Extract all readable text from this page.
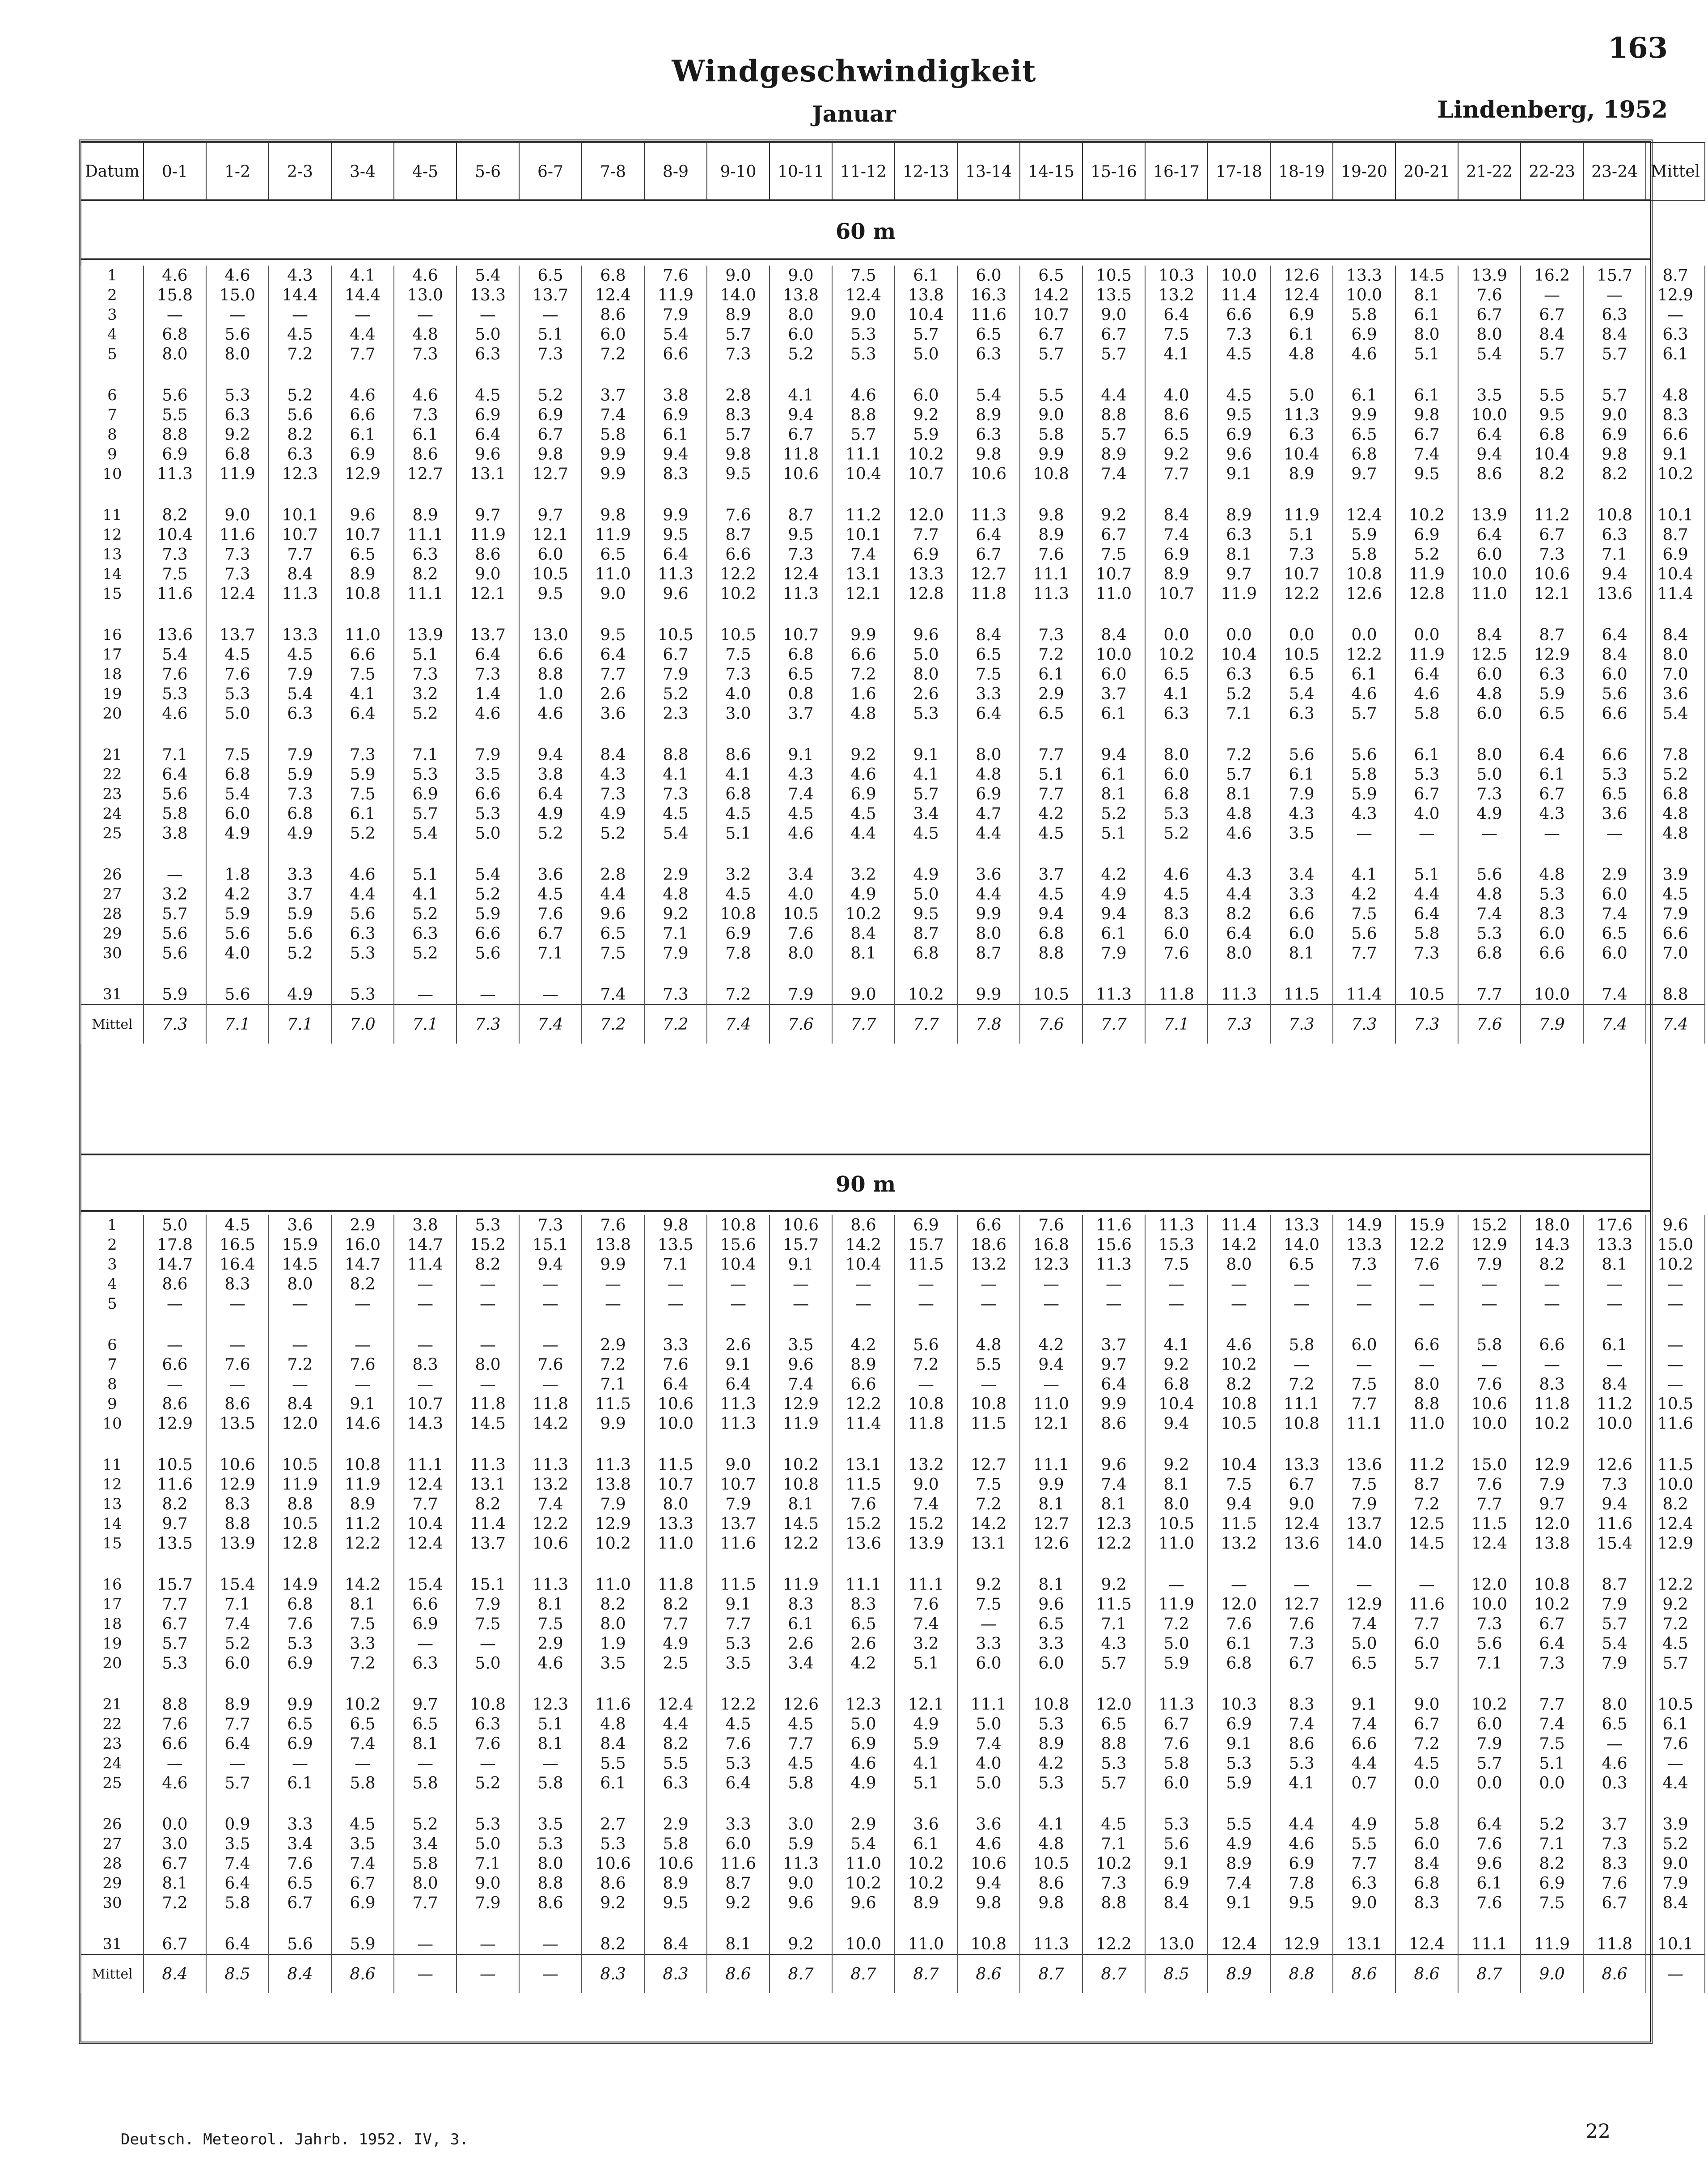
163
Windgeschwindigkeit
Januar	Lindenberg, 1952
Datum	0-1	1-2	2-3	3-4	4-5	5-6	6-7	7-8	8-9	9-10	10-11	11-12	12-13	13-14	14-15	15-16	16-17	17-18	18-19	19-20	20-21	21-22	22-23	23-24	Mittel
60 m
1	4.6	4.6	4.3	4.1	4.6	5.4	6.5	6.8	7.6	9.0	9.0	7.5	6.1	6.0	6.5	10.5	10.3	10.0	12.6	13.3	14.5	13.9	16.2	15.7	8.7
2	15.8	15.0	14.4	14.4	13.0	13.3	13.7	12.4	11.9	14.0	13.8	12.4	13.8	16.3	14.2	13.5	13.2	11.4	12.4	10.0	8.1	7.6	—	—	12.9
3	—	—	—	—	—	—	—	8.6	7.9	8.9	8.0	9.0	10.4	11.6	10.7	9.0	6.4	6.6	6.9	5.8	6.1	6.7	6.7	6.3	—
4	6.8	5.6	4.5	4.4	4.8	5.0	5.1	6.0	5.4	5.7	6.0	5.3	5.7	6.5	6.7	6.7	7.5	7.3	6.1	6.9	8.0	8.0	8.4	8.4	6.3
5	8.0	8.0	7.2	7.7	7.3	6.3	7.3	7.2	6.6	7.3	5.2	5.3	5.0	6.3	5.7	5.7	4.1	4.5	4.8	4.6	5.1	5.4	5.7	5.7	6.1

6	5.6	5.3	5.2	4.6	4.6	4.5	5.2	3.7	3.8	2.8	4.1	4.6	6.0	5.4	5.5	4.4	4.0	4.5	5.0	6.1	6.1	3.5	5.5	5.7	4.8
7	5.5	6.3	5.6	6.6	7.3	6.9	6.9	7.4	6.9	8.3	9.4	8.8	9.2	8.9	9.0	8.8	8.6	9.5	11.3	9.9	9.8	10.0	9.5	9.0	8.3
8	8.8	9.2	8.2	6.1	6.1	6.4	6.7	5.8	6.1	5.7	6.7	5.7	5.9	6.3	5.8	5.7	6.5	6.9	6.3	6.5	6.7	6.4	6.8	6.9	6.6
9	6.9	6.8	6.3	6.9	8.6	9.6	9.8	9.9	9.4	9.8	11.8	11.1	10.2	9.8	9.9	8.9	9.2	9.6	10.4	6.8	7.4	9.4	10.4	9.8	9.1
10	11.3	11.9	12.3	12.9	12.7	13.1	12.7	9.9	8.3	9.5	10.6	10.4	10.7	10.6	10.8	7.4	7.7	9.1	8.9	9.7	9.5	8.6	8.2	8.2	10.2

11	8.2	9.0	10.1	9.6	8.9	9.7	9.7	9.8	9.9	7.6	8.7	11.2	12.0	11.3	9.8	9.2	8.4	8.9	11.9	12.4	10.2	13.9	11.2	10.8	10.1
12	10.4	11.6	10.7	10.7	11.1	11.9	12.1	11.9	9.5	8.7	9.5	10.1	7.7	6.4	8.9	6.7	7.4	6.3	5.1	5.9	6.9	6.4	6.7	6.3	8.7
13	7.3	7.3	7.7	6.5	6.3	8.6	6.0	6.5	6.4	6.6	7.3	7.4	6.9	6.7	7.6	7.5	6.9	8.1	7.3	5.8	5.2	6.0	7.3	7.1	6.9
14	7.5	7.3	8.4	8.9	8.2	9.0	10.5	11.0	11.3	12.2	12.4	13.1	13.3	12.7	11.1	10.7	8.9	9.7	10.7	10.8	11.9	10.0	10.6	9.4	10.4
15	11.6	12.4	11.3	10.8	11.1	12.1	9.5	9.0	9.6	10.2	11.3	12.1	12.8	11.8	11.3	11.0	10.7	11.9	12.2	12.6	12.8	11.0	12.1	13.6	11.4

16	13.6	13.7	13.3	11.0	13.9	13.7	13.0	9.5	10.5	10.5	10.7	9.9	9.6	8.4	7.3	8.4	0.0	0.0	0.0	0.0	0.0	8.4	8.7	6.4	8.4
17	5.4	4.5	4.5	6.6	5.1	6.4	6.6	6.4	6.7	7.5	6.8	6.6	5.0	6.5	7.2	10.0	10.2	10.4	10.5	12.2	11.9	12.5	12.9	8.4	8.0
18	7.6	7.6	7.9	7.5	7.3	7.3	8.8	7.7	7.9	7.3	6.5	7.2	8.0	7.5	6.1	6.0	6.5	6.3	6.5	6.1	6.4	6.0	6.3	6.0	7.0
19	5.3	5.3	5.4	4.1	3.2	1.4	1.0	2.6	5.2	4.0	0.8	1.6	2.6	3.3	2.9	3.7	4.1	5.2	5.4	4.6	4.6	4.8	5.9	5.6	3.6
20	4.6	5.0	6.3	6.4	5.2	4.6	4.6	3.6	2.3	3.0	3.7	4.8	5.3	6.4	6.5	6.1	6.3	7.1	6.3	5.7	5.8	6.0	6.5	6.6	5.4

21	7.1	7.5	7.9	7.3	7.1	7.9	9.4	8.4	8.8	8.6	9.1	9.2	9.1	8.0	7.7	9.4	8.0	7.2	5.6	5.6	6.1	8.0	6.4	6.6	7.8
22	6.4	6.8	5.9	5.9	5.3	3.5	3.8	4.3	4.1	4.1	4.3	4.6	4.1	4.8	5.1	6.1	6.0	5.7	6.1	5.8	5.3	5.0	6.1	5.3	5.2
23	5.6	5.4	7.3	7.5	6.9	6.6	6.4	7.3	7.3	6.8	7.4	6.9	5.7	6.9	7.7	8.1	6.8	8.1	7.9	5.9	6.7	7.3	6.7	6.5	6.8
24	5.8	6.0	6.8	6.1	5.7	5.3	4.9	4.9	4.5	4.5	4.5	4.5	3.4	4.7	4.2	5.2	5.3	4.8	4.3	4.3	4.0	4.9	4.3	3.6	4.8
25	3.8	4.9	4.9	5.2	5.4	5.0	5.2	5.2	5.4	5.1	4.6	4.4	4.5	4.4	4.5	5.1	5.2	4.6	3.5	—	—	—	—	—	4.8

26	—	1.8	3.3	4.6	5.1	5.4	3.6	2.8	2.9	3.2	3.4	3.2	4.9	3.6	3.7	4.2	4.6	4.3	3.4	4.1	5.1	5.6	4.8	2.9	3.9
27	3.2	4.2	3.7	4.4	4.1	5.2	4.5	4.4	4.8	4.5	4.0	4.9	5.0	4.4	4.5	4.9	4.5	4.4	3.3	4.2	4.4	4.8	5.3	6.0	4.5
28	5.7	5.9	5.9	5.6	5.2	5.9	7.6	9.6	9.2	10.8	10.5	10.2	9.5	9.9	9.4	9.4	8.3	8.2	6.6	7.5	6.4	7.4	8.3	7.4	7.9
29	5.6	5.6	5.6	6.3	6.3	6.6	6.7	6.5	7.1	6.9	7.6	8.4	8.7	8.0	6.8	6.1	6.0	6.4	6.0	5.6	5.8	5.3	6.0	6.5	6.6
30	5.6	4.0	5.2	5.3	5.2	5.6	7.1	7.5	7.9	7.8	8.0	8.1	6.8	8.7	8.8	7.9	7.6	8.0	8.1	7.7	7.3	6.8	6.6	6.0	7.0

31	5.9	5.6	4.9	5.3	—	—	—	7.4	7.3	7.2	7.9	9.0	10.2	9.9	10.5	11.3	11.8	11.3	11.5	11.4	10.5	7.7	10.0	7.4	8.8
Mittel	7.3	7.1	7.1	7.0	7.1	7.3	7.4	7.2	7.2	7.4	7.6	7.7	7.7	7.8	7.6	7.7	7.1	7.3	7.3	7.3	7.3	7.6	7.9	7.4	7.4
90 m
1	5.0	4.5	3.6	2.9	3.8	5.3	7.3	7.6	9.8	10.8	10.6	8.6	6.9	6.6	7.6	11.6	11.3	11.4	13.3	14.9	15.9	15.2	18.0	17.6	9.6
2	17.8	16.5	15.9	16.0	14.7	15.2	15.1	13.8	13.5	15.6	15.7	14.2	15.7	18.6	16.8	15.6	15.3	14.2	14.0	13.3	12.2	12.9	14.3	13.3	15.0
3	14.7	16.4	14.5	14.7	11.4	8.2	9.4	9.9	7.1	10.4	9.1	10.4	11.5	13.2	12.3	11.3	7.5	8.0	6.5	7.3	7.6	7.9	8.2	8.1	10.2
4	8.6	8.3	8.0	8.2	—	—	—	—	—	—	—	—	—	—	—	—	—	—	—	—	—	—	—	—	—
5	—	—	—	—	—	—	—	—	—	—	—	—	—	—	—	—	—	—	—	—	—	—	—	—	—

6	—	—	—	—	—	—	—	2.9	3.3	2.6	3.5	4.2	5.6	4.8	4.2	3.7	4.1	4.6	5.8	6.0	6.6	5.8	6.6	6.1	—
7	6.6	7.6	7.2	7.6	8.3	8.0	7.6	7.2	7.6	9.1	9.6	8.9	7.2	5.5	9.4	9.7	9.2	10.2	—	—	—	—	—	—	—
8	—	—	—	—	—	—	—	7.1	6.4	6.4	7.4	6.6	—	—	—	6.4	6.8	8.2	7.2	7.5	8.0	7.6	8.3	8.4	—
9	8.6	8.6	8.4	9.1	10.7	11.8	11.8	11.5	10.6	11.3	12.9	12.2	10.8	10.8	11.0	9.9	10.4	10.8	11.1	7.7	8.8	10.6	11.8	11.2	10.5
10	12.9	13.5	12.0	14.6	14.3	14.5	14.2	9.9	10.0	11.3	11.9	11.4	11.8	11.5	12.1	8.6	9.4	10.5	10.8	11.1	11.0	10.0	10.2	10.0	11.6

11	10.5	10.6	10.5	10.8	11.1	11.3	11.3	11.3	11.5	9.0	10.2	13.1	13.2	12.7	11.1	9.6	9.2	10.4	13.3	13.6	11.2	15.0	12.9	12.6	11.5
12	11.6	12.9	11.9	11.9	12.4	13.1	13.2	13.8	10.7	10.7	10.8	11.5	9.0	7.5	9.9	7.4	8.1	7.5	6.7	7.5	8.7	7.6	7.9	7.3	10.0
13	8.2	8.3	8.8	8.9	7.7	8.2	7.4	7.9	8.0	7.9	8.1	7.6	7.4	7.2	8.1	8.1	8.0	9.4	9.0	7.9	7.2	7.7	9.7	9.4	8.2
14	9.7	8.8	10.5	11.2	10.4	11.4	12.2	12.9	13.3	13.7	14.5	15.2	15.2	14.2	12.7	12.3	10.5	11.5	12.4	13.7	12.5	11.5	12.0	11.6	12.4
15	13.5	13.9	12.8	12.2	12.4	13.7	10.6	10.2	11.0	11.6	12.2	13.6	13.9	13.1	12.6	12.2	11.0	13.2	13.6	14.0	14.5	12.4	13.8	15.4	12.9

16	15.7	15.4	14.9	14.2	15.4	15.1	11.3	11.0	11.8	11.5	11.9	11.1	11.1	9.2	8.1	9.2	—	—	—	—	—	12.0	10.8	8.7	12.2
17	7.7	7.1	6.8	8.1	6.6	7.9	8.1	8.2	8.2	9.1	8.3	8.3	7.6	7.5	9.6	11.5	11.9	12.0	12.7	12.9	11.6	10.0	10.2	7.9	9.2
18	6.7	7.4	7.6	7.5	6.9	7.5	7.5	8.0	7.7	7.7	6.1	6.5	7.4	—	6.5	7.1	7.2	7.6	7.6	7.4	7.7	7.3	6.7	5.7	7.2
19	5.7	5.2	5.3	3.3	—	—	2.9	1.9	4.9	5.3	2.6	2.6	3.2	3.3	3.3	4.3	5.0	6.1	7.3	5.0	6.0	5.6	6.4	5.4	4.5
20	5.3	6.0	6.9	7.2	6.3	5.0	4.6	3.5	2.5	3.5	3.4	4.2	5.1	6.0	6.0	5.7	5.9	6.8	6.7	6.5	5.7	7.1	7.3	7.9	5.7

21	8.8	8.9	9.9	10.2	9.7	10.8	12.3	11.6	12.4	12.2	12.6	12.3	12.1	11.1	10.8	12.0	11.3	10.3	8.3	9.1	9.0	10.2	7.7	8.0	10.5
22	7.6	7.7	6.5	6.5	6.5	6.3	5.1	4.8	4.4	4.5	4.5	5.0	4.9	5.0	5.3	6.5	6.7	6.9	7.4	7.4	6.7	6.0	7.4	6.5	6.1
23	6.6	6.4	6.9	7.4	8.1	7.6	8.1	8.4	8.2	7.6	7.7	6.9	5.9	7.4	8.9	8.8	7.6	9.1	8.6	6.6	7.2	7.9	7.5	—	7.6
24	—	—	—	—	—	—	—	5.5	5.5	5.3	4.5	4.6	4.1	4.0	4.2	5.3	5.8	5.3	5.3	4.4	4.5	5.7	5.1	4.6	—
25	4.6	5.7	6.1	5.8	5.8	5.2	5.8	6.1	6.3	6.4	5.8	4.9	5.1	5.0	5.3	5.7	6.0	5.9	4.1	0.7	0.0	0.0	0.0	0.3	4.4

26	0.0	0.9	3.3	4.5	5.2	5.3	3.5	2.7	2.9	3.3	3.0	2.9	3.6	3.6	4.1	4.5	5.3	5.5	4.4	4.9	5.8	6.4	5.2	3.7	3.9
27	3.0	3.5	3.4	3.5	3.4	5.0	5.3	5.3	5.8	6.0	5.9	5.4	6.1	4.6	4.8	7.1	5.6	4.9	4.6	5.5	6.0	7.6	7.1	7.3	5.2
28	6.7	7.4	7.6	7.4	5.8	7.1	8.0	10.6	10.6	11.6	11.3	11.0	10.2	10.6	10.5	10.2	9.1	8.9	6.9	7.7	8.4	9.6	8.2	8.3	9.0
29	8.1	6.4	6.5	6.7	8.0	9.0	8.8	8.6	8.9	8.7	9.0	10.2	10.2	9.4	8.6	7.3	6.9	7.4	7.8	6.3	6.8	6.1	6.9	7.6	7.9
30	7.2	5.8	6.7	6.9	7.7	7.9	8.6	9.2	9.5	9.2	9.6	9.6	8.9	9.8	9.8	8.8	8.4	9.1	9.5	9.0	8.3	7.6	7.5	6.7	8.4

31	6.7	6.4	5.6	5.9	—	—	—	8.2	8.4	8.1	9.2	10.0	11.0	10.8	11.3	12.2	13.0	12.4	12.9	13.1	12.4	11.1	11.9	11.8	10.1
Mittel	8.4	8.5	8.4	8.6	—	—	—	8.3	8.3	8.6	8.7	8.7	8.7	8.6	8.7	8.7	8.5	8.9	8.8	8.6	8.6	8.7	9.0	8.6	—
Deutsch. Meteorol. Jahrb. 1952. IV, 3.	22
